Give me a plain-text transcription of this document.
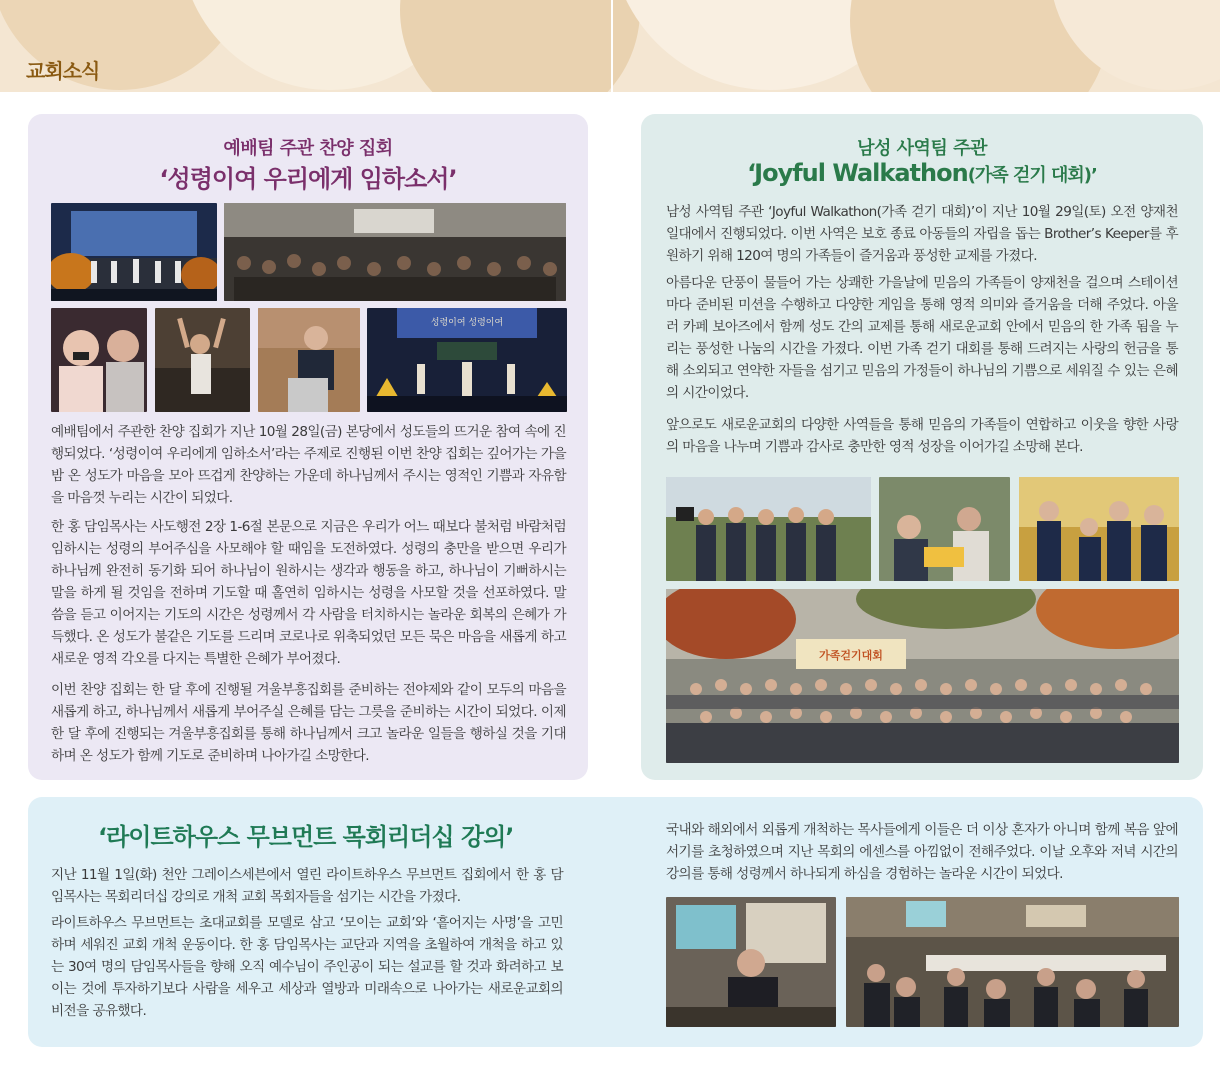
교회소식
예배팀 주관 찬양 집회
‘성령이여 우리에게 임하소서’
성령이여 성령이여

예배팀에서 주관한 찬양 집회가 지난 10월 28일(금) 본당에서 성도들의 뜨거운 참여 속에 진행되었다. ‘성령이여 우리에게 임하소서’라는 주제로 진행된 이번 찬양 집회는 깊어가는 가을밤 온 성도가 마음을 모아 뜨겁게 찬양하는 가운데 하나님께서 주시는 영적인 기쁨과 자유함을 마음껏 누리는 시간이 되었다.

한 홍 담임목사는 사도행전 2장 1-6절 본문으로 지금은 우리가 어느 때보다 불처럼 바람처럼 임하시는 성령의 부어주심을 사모해야 할 때임을 도전하였다. 성령의 충만을 받으면 우리가 하나님께 완전히 동기화 되어 하나님이 원하시는 생각과 행동을 하고, 하나님이 기뻐하시는 말을 하게 될 것임을 전하며 기도할 때 홀연히 임하시는 성령을 사모할 것을 선포하였다. 말씀을 듣고 이어지는 기도의 시간은 성령께서 각 사람을 터치하시는 놀라운 회복의 은혜가 가득했다. 온 성도가 불같은 기도를 드리며 코로나로 위축되었던 모든 묵은 마음을 새롭게 하고 새로운 영적 각오를 다지는 특별한 은혜가 부어졌다.

이번 찬양 집회는 한 달 후에 진행될 겨울부흥집회를 준비하는 전야제와 같이 모두의 마음을 새롭게 하고, 하나님께서 새롭게 부어주실 은혜를 담는 그릇을 준비하는 시간이 되었다. 이제 한 달 후에 진행되는 겨울부흥집회를 통해 하나님께서 크고 놀라운 일들을 행하실 것을 기대하며 온 성도가 함께 기도로 준비하며 나아가길 소망한다.

남성 사역팀 주관
‘Joyful Walkathon(가족 걷기 대회)’

남성 사역팀 주관 ‘Joyful Walkathon(가족 걷기 대회)’이 지난 10월 29일(토) 오전 양재천 일대에서 진행되었다. 이번 사역은 보호 종료 아동들의 자립을 돕는 Brother’s Keeper를 후원하기 위해 120여 명의 가족들이 즐거움과 풍성한 교제를 가졌다.

아름다운 단풍이 물들어 가는 상쾌한 가을날에 믿음의 가족들이 양재천을 걸으며 스테이션마다 준비된 미션을 수행하고 다양한 게임을 통해 영적 의미와 즐거움을 더해 주었다. 아울러 카페 보아즈에서 함께 성도 간의 교제를 통해 새로운교회 안에서 믿음의 한 가족 됨을 누리는 풍성한 나눔의 시간을 가졌다. 이번 가족 걷기 대회를 통해 드려지는 사랑의 헌금을 통해 소외되고 연약한 자들을 섬기고 믿음의 가정들이 하나님의 기쁨으로 세워질 수 있는 은혜의 시간이었다.

앞으로도 새로운교회의 다양한 사역들을 통해 믿음의 가족들이 연합하고 이웃을 향한 사랑의 마음을 나누며 기쁨과 감사로 충만한 영적 성장을 이어가길 소망해 본다.

가족걷기대회
‘라이트하우스 무브먼트 목회리더십 강의’

지난 11월 1일(화) 천안 그레이스세븐에서 열린 라이트하우스 무브먼트 집회에서 한 홍 담임목사는 목회리더십 강의로 개척 교회 목회자들을 섬기는 시간을 가졌다.

라이트하우스 무브먼트는 초대교회를 모델로 삼고 ‘모이는 교회’와 ‘흩어지는 사명’을 고민하며 세워진 교회 개척 운동이다. 한 홍 담임목사는 교단과 지역을 초월하여 개척을 하고 있는 30여 명의 담임목사들을 향해 오직 예수님이 주인공이 되는 설교를 할 것과 화려하고 보이는 것에 투자하기보다 사람을 세우고 세상과 열방과 미래속으로 나아가는 새로운교회의 비전을 공유했다.

국내와 해외에서 외롭게 개척하는 목사들에게 이들은 더 이상 혼자가 아니며 함께 복음 앞에 서기를 초청하였으며 지난 목회의 에센스를 아낌없이 전해주었다. 이날 오후와 저녁 시간의 강의를 통해 성령께서 하나되게 하심을 경험하는 놀라운 시간이 되었다.
